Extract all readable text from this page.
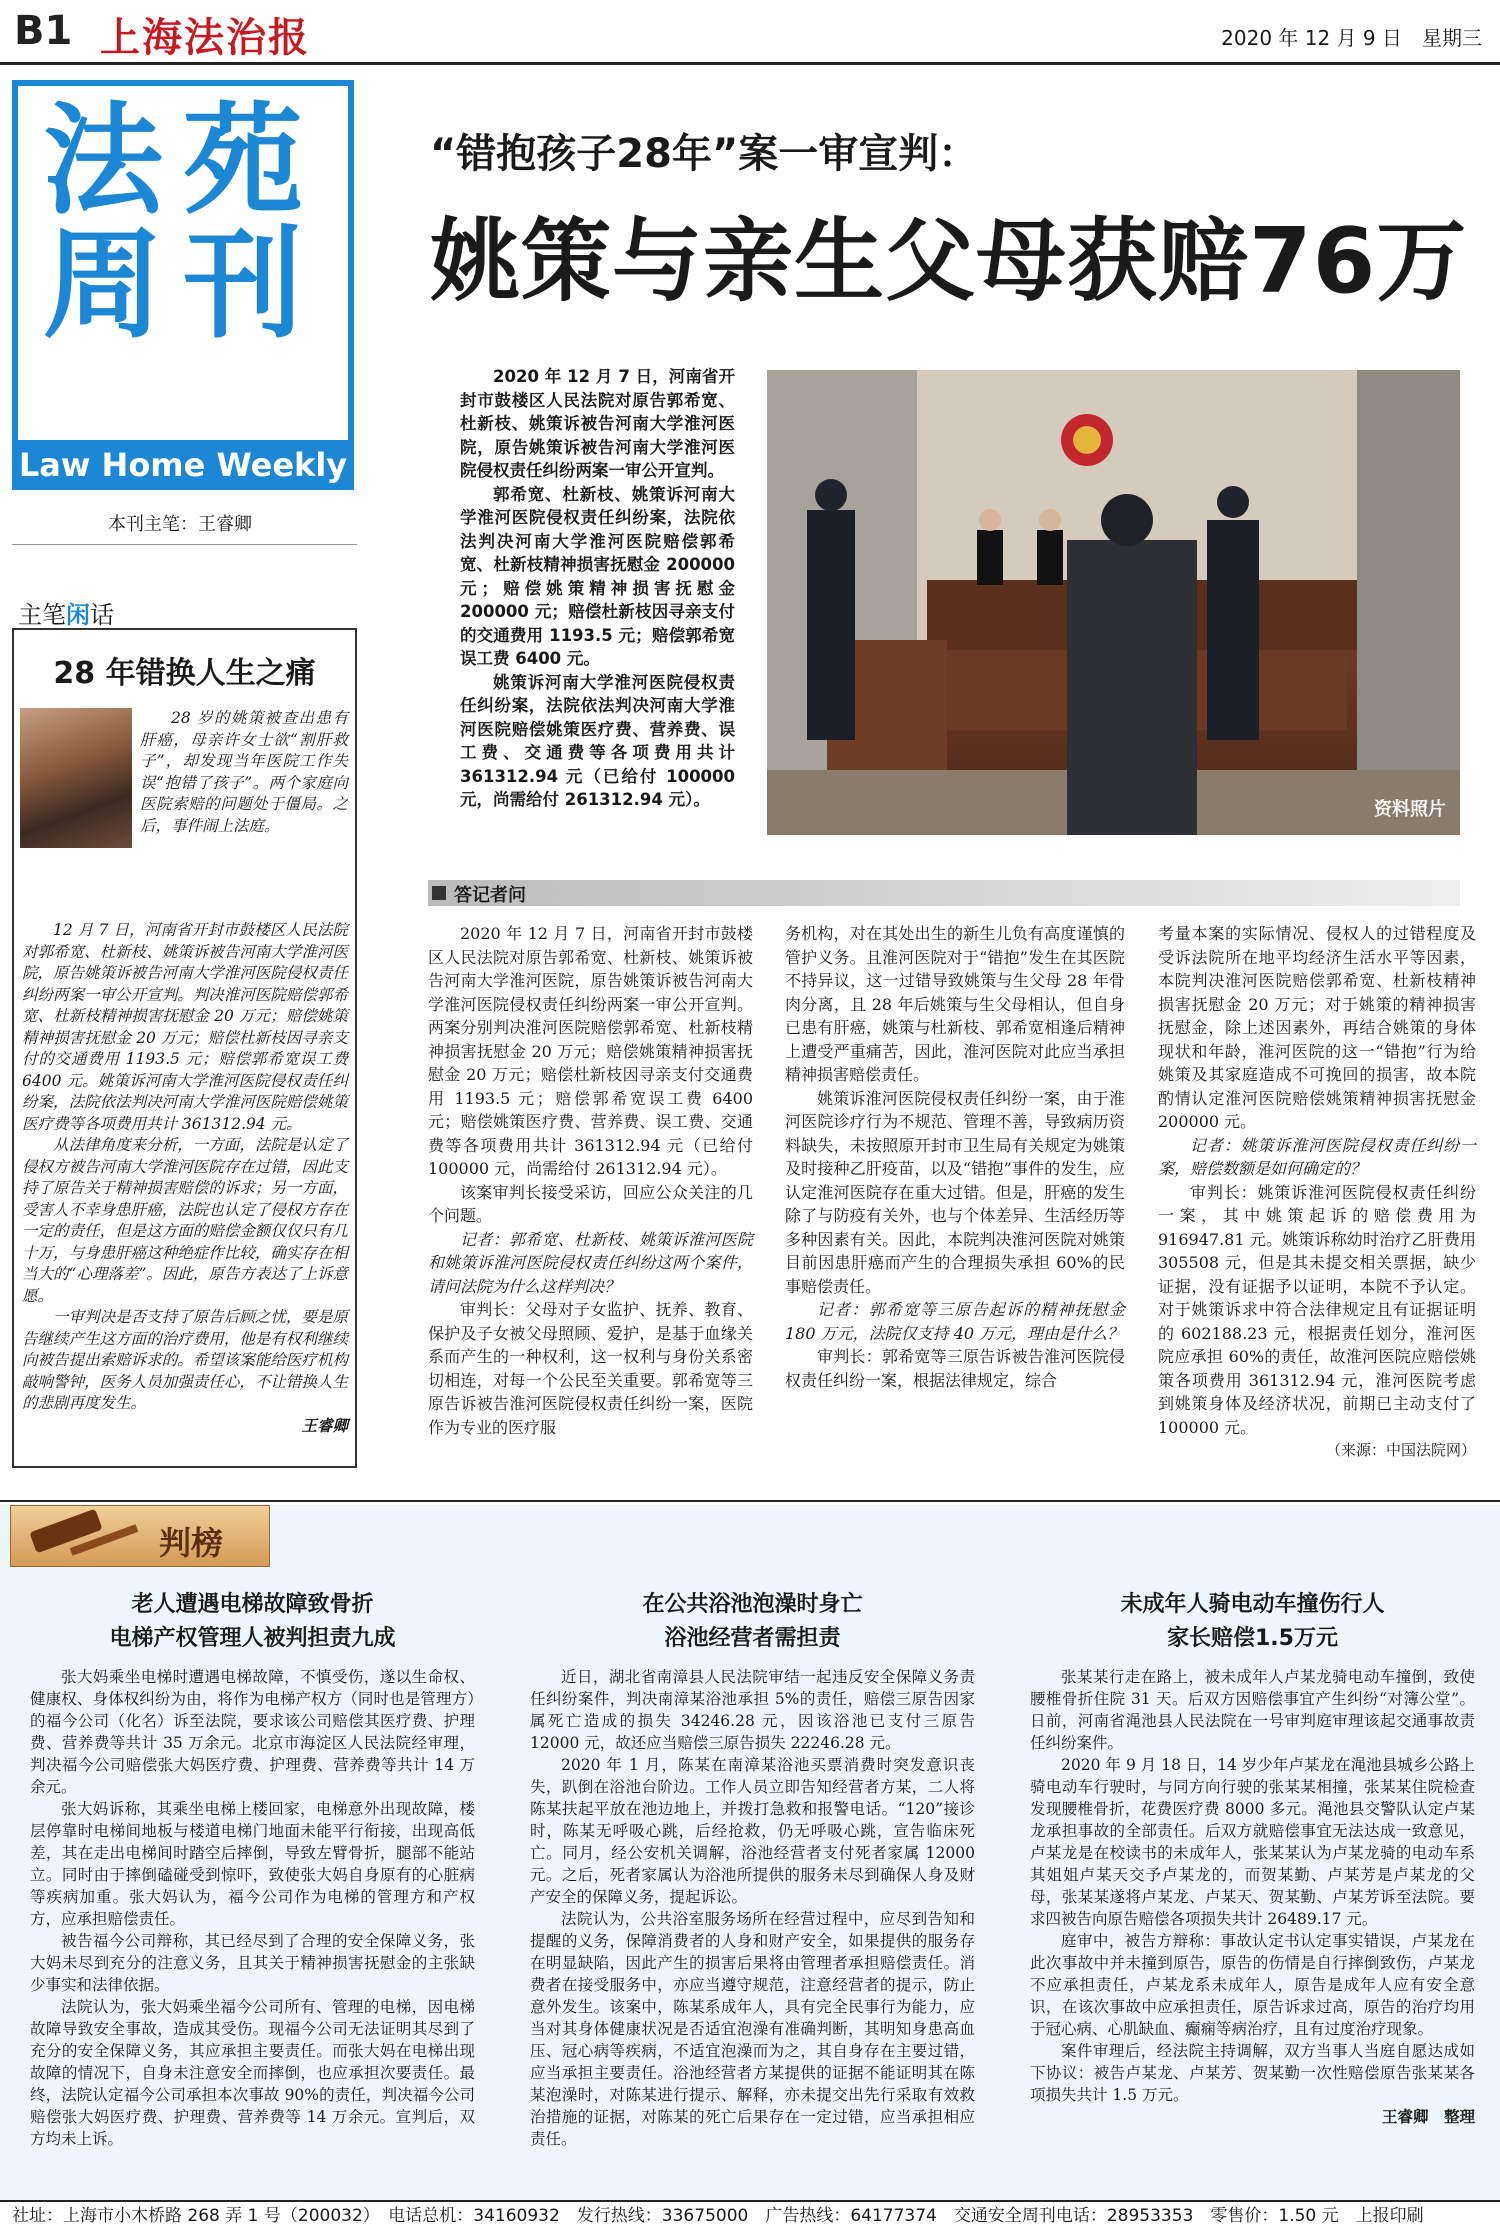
B1 上海法治报	2020 年 12 月 9 日　星期三
法苑
周刊
Law Home Weekly
本刊主笔：王睿卿
主笔闲话
28 年错换人生之痛

28 岁的姚策被查出患有肝癌，母亲许女士欲“割肝救子”，却发现当年医院工作失误“抱错了孩子”。两个家庭向医院索赔的问题处于僵局。之后，事件闹上法庭。

12 月 7 日，河南省开封市鼓楼区人民法院对郭希宽、杜新枝、姚策诉被告河南大学淮河医院，原告姚策诉被告河南大学淮河医院侵权责任纠纷两案一审公开宣判。判决淮河医院赔偿郭希宽、杜新枝精神损害抚慰金 20 万元；赔偿姚策精神损害抚慰金 20 万元；赔偿杜新枝因寻亲支付的交通费用 1193.5 元；赔偿郭希宽误工费 6400 元。姚策诉河南大学淮河医院侵权责任纠纷案，法院依法判决河南大学淮河医院赔偿姚策医疗费等各项费用共计 361312.94 元。

从法律角度来分析，一方面，法院是认定了侵权方被告河南大学淮河医院存在过错，因此支持了原告关于精神损害赔偿的诉求；另一方面，受害人不幸身患肝癌，法院也认定了侵权方存在一定的责任，但是这方面的赔偿金额仅仅只有几十万，与身患肝癌这种绝症作比较，确实存在相当大的“心理落差”。因此，原告方表达了上诉意愿。

一审判决是否支持了原告后顾之忧，要是原告继续产生这方面的治疗费用，他是有权利继续向被告提出索赔诉求的。希望该案能给医疗机构敲响警钟，医务人员加强责任心，不让错换人生的悲剧再度发生。

王睿卿
“错抱孩子28年”案一审宣判：
姚策与亲生父母获赔76万

2020 年 12 月 7 日，河南省开封市鼓楼区人民法院对原告郭希宽、杜新枝、姚策诉被告河南大学淮河医院，原告姚策诉被告河南大学淮河医院侵权责任纠纷两案一审公开宣判。

郭希宽、杜新枝、姚策诉河南大学淮河医院侵权责任纠纷案，法院依法判决河南大学淮河医院赔偿郭希宽、杜新枝精神损害抚慰金 200000 元；赔偿姚策精神损害抚慰金 200000 元；赔偿杜新枝因寻亲支付的交通费用 1193.5 元；赔偿郭希宽误工费 6400 元。

姚策诉河南大学淮河医院侵权责任纠纷案，法院依法判决河南大学淮河医院赔偿姚策医疗费、营养费、误工费、交通费等各项费用共计 361312.94 元（已给付 100000 元，尚需给付 261312.94 元）。	资料照片
答记者问

2020 年 12 月 7 日，河南省开封市鼓楼区人民法院对原告郭希宽、杜新枝、姚策诉被告河南大学淮河医院，原告姚策诉被告河南大学淮河医院侵权责任纠纷两案一审公开宣判。两案分别判决淮河医院赔偿郭希宽、杜新枝精神损害抚慰金 20 万元；赔偿姚策精神损害抚慰金 20 万元；赔偿杜新枝因寻亲支付交通费用 1193.5 元；赔偿郭希宽误工费 6400 元；赔偿姚策医疗费、营养费、误工费、交通费等各项费用共计 361312.94 元（已给付 100000 元，尚需给付 261312.94 元）。

该案审判长接受采访，回应公众关注的几个问题。

记者：郭希宽、杜新枝、姚策诉淮河医院和姚策诉淮河医院侵权责任纠纷这两个案件，请问法院为什么这样判决？

审判长：父母对子女监护、抚养、教育、保护及子女被父母照顾、爱护，是基于血缘关系而产生的一种权利，这一权利与身份关系密切相连，对每一个公民至关重要。郭希宽等三原告诉被告淮河医院侵权责任纠纷一案，医院作为专业的医疗服

务机构，对在其处出生的新生儿负有高度谨慎的管护义务。且淮河医院对于“错抱”发生在其医院不持异议，这一过错导致姚策与生父母 28 年骨肉分离，且 28 年后姚策与生父母相认，但自身已患有肝癌，姚策与杜新枝、郭希宽相逢后精神上遭受严重痛苦，因此，淮河医院对此应当承担精神损害赔偿责任。

姚策诉淮河医院侵权责任纠纷一案，由于淮河医院诊疗行为不规范、管理不善，导致病历资料缺失，未按照原开封市卫生局有关规定为姚策及时接种乙肝疫苗，以及“错抱”事件的发生，应认定淮河医院存在重大过错。但是，肝癌的发生除了与防疫有关外，也与个体差异、生活经历等多种因素有关。因此，本院判决淮河医院对姚策目前因患肝癌而产生的合理损失承担 60%的民事赔偿责任。

记者：郭希宽等三原告起诉的精神抚慰金 180 万元，法院仅支持 40 万元，理由是什么？

审判长：郭希宽等三原告诉被告淮河医院侵权责任纠纷一案，根据法律规定，综合

考量本案的实际情况、侵权人的过错程度及受诉法院所在地平均经济生活水平等因素，本院判决淮河医院赔偿郭希宽、杜新枝精神损害抚慰金 20 万元；对于姚策的精神损害抚慰金，除上述因素外，再结合姚策的身体现状和年龄，淮河医院的这一“错抱”行为给姚策及其家庭造成不可挽回的损害，故本院酌情认定淮河医院赔偿姚策精神损害抚慰金 200000 元。

记者：姚策诉淮河医院侵权责任纠纷一案，赔偿数额是如何确定的？

审判长：姚策诉淮河医院侵权责任纠纷一案，其中姚策起诉的赔偿费用为 916947.81 元。姚策诉称幼时治疗乙肝费用 305508 元，但是其未提交相关票据，缺少证据，没有证据予以证明，本院不予认定。对于姚策诉求中符合法律规定且有证据证明的 602188.23 元，根据责任划分，淮河医院应承担 60%的责任，故淮河医院应赔偿姚策各项费用 361312.94 元，淮河医院考虑到姚策身体及经济状况，前期已主动支付了 100000 元。

（来源：中国法院网）
判榜
老人遭遇电梯故障致骨折
电梯产权管理人被判担责九成

张大妈乘坐电梯时遭遇电梯故障，不慎受伤，遂以生命权、健康权、身体权纠纷为由，将作为电梯产权方（同时也是管理方）的福今公司（化名）诉至法院，要求该公司赔偿其医疗费、护理费、营养费等共计 35 万余元。北京市海淀区人民法院经审理，判决福今公司赔偿张大妈医疗费、护理费、营养费等共计 14 万余元。

张大妈诉称，其乘坐电梯上楼回家，电梯意外出现故障，楼层停靠时电梯间地板与楼道电梯门地面未能平行衔接，出现高低差，其在走出电梯间时踏空后摔倒，导致左臂骨折，腿部不能站立。同时由于摔倒磕碰受到惊吓，致使张大妈自身原有的心脏病等疾病加重。张大妈认为，福今公司作为电梯的管理方和产权方，应承担赔偿责任。

被告福今公司辩称，其已经尽到了合理的安全保障义务，张大妈未尽到充分的注意义务，且其关于精神损害抚慰金的主张缺少事实和法律依据。

法院认为，张大妈乘坐福今公司所有、管理的电梯，因电梯故障导致安全事故，造成其受伤。现福今公司无法证明其尽到了充分的安全保障义务，其应承担主要责任。而张大妈在电梯出现故障的情况下，自身未注意安全而摔倒，也应承担次要责任。最终，法院认定福今公司承担本次事故 90%的责任，判决福今公司赔偿张大妈医疗费、护理费、营养费等 14 万余元。宣判后，双方均未上诉。

在公共浴池泡澡时身亡
浴池经营者需担责

近日，湖北省南漳县人民法院审结一起违反安全保障义务责任纠纷案件，判决南漳某浴池承担 5%的责任，赔偿三原告因家属死亡造成的损失 34246.28 元，因该浴池已支付三原告 12000 元，故还应当赔偿三原告损失 22246.28 元。

2020 年 1 月，陈某在南漳某浴池买票消费时突发意识丧失，趴倒在浴池台阶边。工作人员立即告知经营者方某，二人将陈某扶起平放在池边地上，并拨打急救和报警电话。“120”接诊时，陈某无呼吸心跳，后经抢救，仍无呼吸心跳，宣告临床死亡。同月，经公安机关调解，浴池经营者支付死者家属 12000 元。之后，死者家属认为浴池所提供的服务未尽到确保人身及财产安全的保障义务，提起诉讼。

法院认为，公共浴室服务场所在经营过程中，应尽到告知和提醒的义务，保障消费者的人身和财产安全，如果提供的服务存在明显缺陷，因此产生的损害后果将由管理者承担赔偿责任。消费者在接受服务中，亦应当遵守规范，注意经营者的提示，防止意外发生。该案中，陈某系成年人，具有完全民事行为能力，应当对其身体健康状况是否适宜泡澡有准确判断，其明知身患高血压、冠心病等疾病，不适宜泡澡而为之，其自身存在主要过错，应当承担主要责任。浴池经营者方某提供的证据不能证明其在陈某泡澡时，对陈某进行提示、解释，亦未提交出先行采取有效救治措施的证据，对陈某的死亡后果存在一定过错，应当承担相应责任。

未成年人骑电动车撞伤行人
家长赔偿1.5万元

张某某行走在路上，被未成年人卢某龙骑电动车撞倒，致使腰椎骨折住院 31 天。后双方因赔偿事宜产生纠纷“对簿公堂”。日前，河南省渑池县人民法院在一号审判庭审理该起交通事故责任纠纷案件。

2020 年 9 月 18 日，14 岁少年卢某龙在渑池县城乡公路上骑电动车行驶时，与同方向行驶的张某某相撞，张某某住院检查发现腰椎骨折，花费医疗费 8000 多元。渑池县交警队认定卢某龙承担事故的全部责任。后双方就赔偿事宜无法达成一致意见，卢某龙是在校读书的未成年人，张某某认为卢某龙骑的电动车系其姐姐卢某天交予卢某龙的，而贺某勤、卢某芳是卢某龙的父母，张某某遂将卢某龙、卢某天、贺某勤、卢某芳诉至法院。要求四被告向原告赔偿各项损失共计 26489.17 元。

庭审中，被告方辩称：事故认定书认定事实错误，卢某龙在此次事故中并未撞到原告，原告的伤情是自行摔倒致伤，卢某龙不应承担责任，卢某龙系未成年人，原告是成年人应有安全意识，在该次事故中应承担责任，原告诉求过高，原告的治疗均用于冠心病、心肌缺血、癫痫等病治疗，且有过度治疗现象。

案件审理后，经法院主持调解，双方当事人当庭自愿达成如下协议：被告卢某龙、卢某芳、贺某勤一次性赔偿原告张某某各项损失共计 1.5 万元。

王睿卿　整理
社址：上海市小木桥路 268 弄 1 号（200032）　电话总机：34160932　发行热线：33675000　广告热线：64177374　交通安全周刊电话：28953353　零售价：1.50 元　上报印刷
